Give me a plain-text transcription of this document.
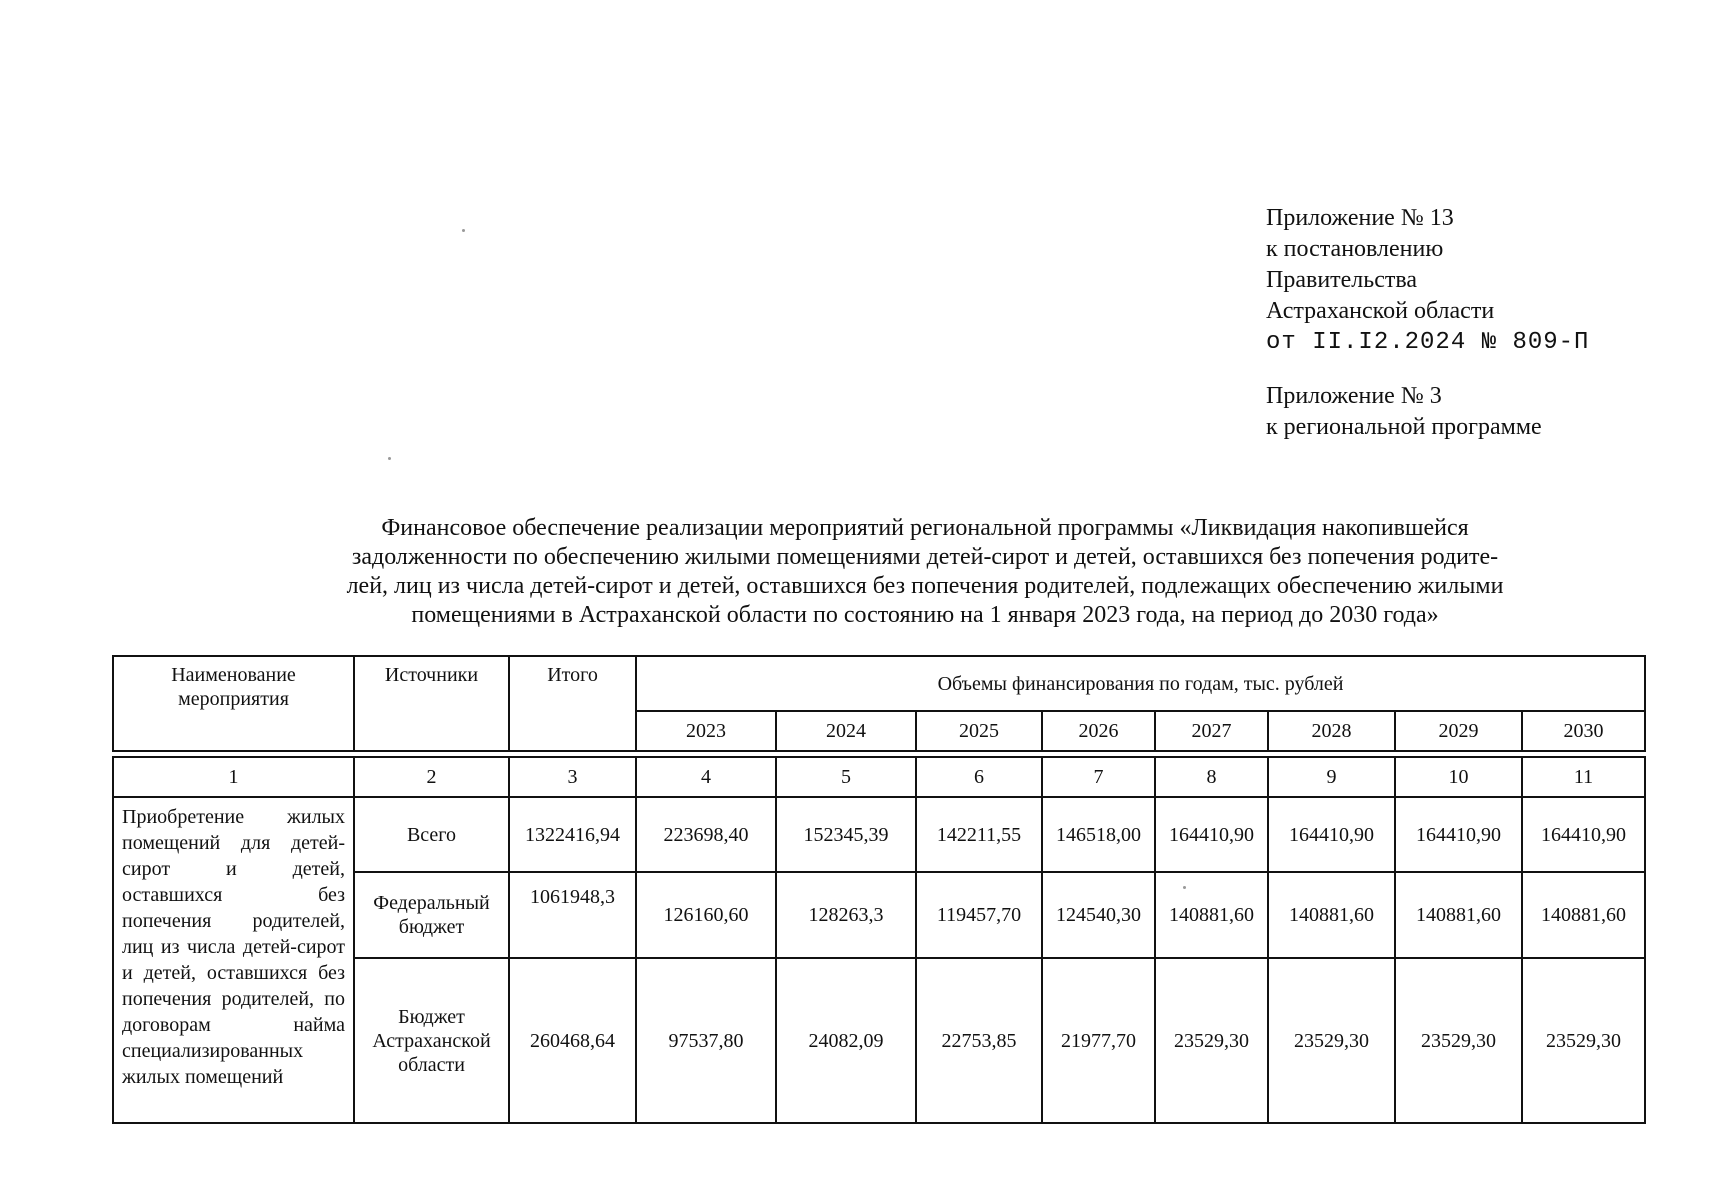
Приложение № 13
к постановлению
Правительства
Астраханской области
от II.I2.2024 № 809-П
Приложение № 3
к региональной программе
Финансовое обеспечение реализации мероприятий региональной программы «Ликвидация накопившейся
задолженности по обеспечению жилыми помещениями детей-сирот и детей, оставшихся без попечения родите-
лей, лиц из числа детей-сирот и детей, оставшихся без попечения родителей, подлежащих обеспечению жилыми
помещениями в Астраханской области по состоянию на 1 января 2023 года, на период до 2030 года»
Наименование мероприятия	Источники	Итого	Объемы финансирования по годам, тыс. рублей							
			2023	2024	2025	2026	2027	2028	2029	2030
1	2	3	4	5	6	7	8	9	10	11
Приобретение жилых помещений для детей-сирот и детей, оставшихся без попечения родителей, лиц из числа детей-сирот и детей, оставшихся без попечения родителей, по договорам найма специализированных жилых помещений	Всего	1322416,94	223698,40	152345,39	142211,55	146518,00	164410,90	164410,90	164410,90	164410,90
	Федеральный бюджет	1061948,3	126160,60	128263,3	119457,70	124540,30	140881,60	140881,60	140881,60	140881,60
	Бюджет Астраханской области	260468,64	97537,80	24082,09	22753,85	21977,70	23529,30	23529,30	23529,30	23529,30
